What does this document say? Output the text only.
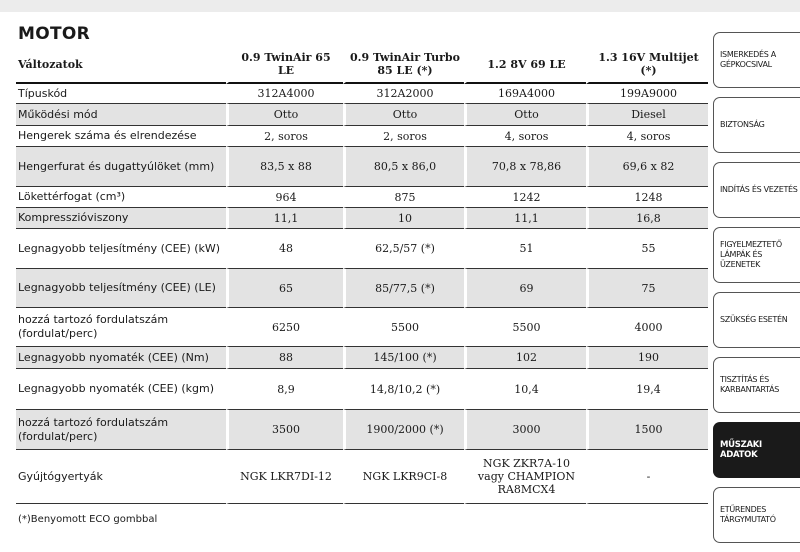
MOTOR
Változatok	0.9 TwinAir 65 LE	0.9 TwinAir Turbo 85 LE (*)	1.2 8V 69 LE	1.3 16V Multijet (*)
Típuskód	312A4000	312A2000	169A4000	199A9000
Működési mód	Otto	Otto	Otto	Diesel
Hengerek száma és elrendezése	2, soros	2, soros	4, soros	4, soros
Hengerfurat és dugattyúlöket (mm)	83,5 x 88	80,5 x 86,0	70,8 x 78,86	69,6 x 82
Lökettérfogat (cm³)	964	875	1242	1248
Kompresszióviszony	11,1	10	11,1	16,8
Legnagyobb teljesítmény (CEE) (kW)	48	62,5/57 (*)	51	55
Legnagyobb teljesítmény (CEE) (LE)	65	85/77,5 (*)	69	75
hozzá tartozó fordulatszám (fordulat/perc)	6250	5500	5500	4000
Legnagyobb nyomaték (CEE) (Nm)	88	145/100 (*)	102	190
Legnagyobb nyomaték (CEE) (kgm)	8,9	14,8/10,2 (*)	10,4	19,4
hozzá tartozó fordulatszám (fordulat/perc)	3500	1900/2000 (*)	3000	1500
Gyújtógyertyák	NGK LKR7DI-12	NGK LKR9CI-8	NGK ZKR7A-10 vagy CHAMPION RA8MCX4	-
(*)Benyomott ECO gombbal
ISMERKEDÉS A GÉPKOCSIVAL
BIZTONSÁG
INDÍTÁS ÉS VEZETÉS
FIGYELMEZTETŐ LÁMPÁK ÉS ÜZENETEK
SZÜKSÉG ESETÉN
TISZTÍTÁS ÉS KARBANTARTÁS
MŰSZAKI ADATOK
ETŰRENDES TÁRGYMUTATÓ
